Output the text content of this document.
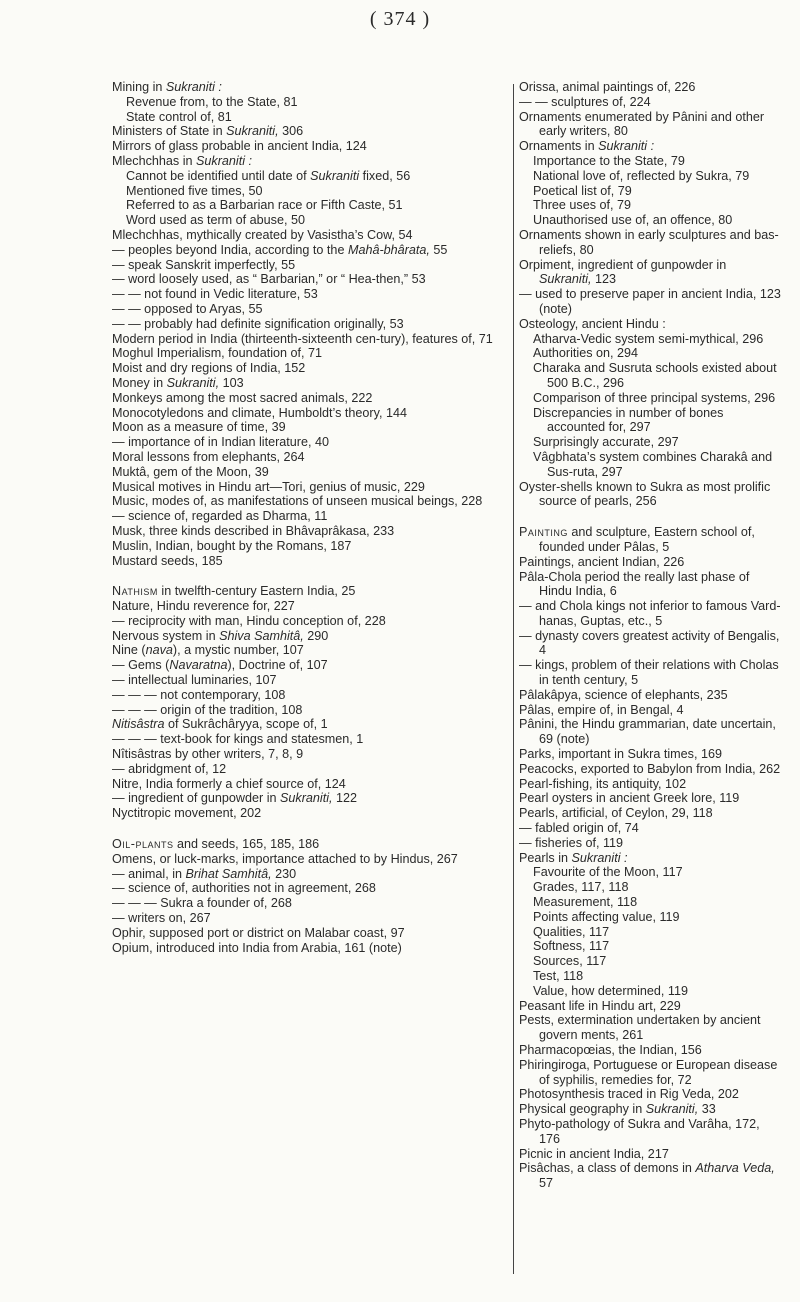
( 374 )

Mining in Sukraniti :

Revenue from, to the State, 81

State control of, 81

Ministers of State in Sukraniti, 306

Mirrors of glass probable in ancient India, 124

Mlechchhas in Sukraniti :

Cannot be identified until date of Sukraniti fixed, 56

Mentioned five times, 50

Referred to as a Barbarian race or Fifth Caste, 51

Word used as term of abuse, 50

Mlechchhas, mythically created by Vasistha’s Cow, 54

— peoples beyond India, according to the Mahâ-bhârata, 55

— speak Sanskrit imperfectly, 55

— word loosely used, as “ Barbarian,” or “ Hea-then,” 53

— — not found in Vedic literature, 53

— — opposed to Aryas, 55

— — probably had definite signification originally, 53

Modern period in India (thirteenth-sixteenth cen-tury), features of, 71

Moghul Imperialism, foundation of, 71

Moist and dry regions of India, 152

Money in Sukraniti, 103

Monkeys among the most sacred animals, 222

Monocotyledons and climate, Humboldt’s theory, 144

Moon as a measure of time, 39

— importance of in Indian literature, 40

Moral lessons from elephants, 264

Muktâ, gem of the Moon, 39

Musical motives in Hindu art—Tori, genius of music, 229

Music, modes of, as manifestations of unseen musical beings, 228

— science of, regarded as Dharma, 11

Musk, three kinds described in Bhâvaprâkasa, 233

Muslin, Indian, bought by the Romans, 187

Mustard seeds, 185

Nathism in twelfth-century Eastern India, 25

Nature, Hindu reverence for, 227

— reciprocity with man, Hindu conception of, 228

Nervous system in Shiva Samhitâ, 290

Nine (nava), a mystic number, 107

— Gems (Navaratna), Doctrine of, 107

— intellectual luminaries, 107

— — — not contemporary, 108

— — — origin of the tradition, 108

Nitisâstra of Sukrâchâryya, scope of, 1

— — — text-book for kings and statesmen, 1

Nîtisâstras by other writers, 7, 8, 9

— abridgment of, 12

Nitre, India formerly a chief source of, 124

— ingredient of gunpowder in Sukraniti, 122

Nyctitropic movement, 202

Oil-plants and seeds, 165, 185, 186

Omens, or luck-marks, importance attached to by Hindus, 267

— animal, in Brihat Samhitâ, 230

— science of, authorities not in agreement, 268

— — — Sukra a founder of, 268

— writers on, 267

Ophir, supposed port or district on Malabar coast, 97

Opium, introduced into India from Arabia, 161 (note)

Orissa, animal paintings of, 226

— — sculptures of, 224

Ornaments enumerated by Pânini and other early writers, 80

Ornaments in Sukraniti :

Importance to the State, 79

National love of, reflected by Sukra, 79

Poetical list of, 79

Three uses of, 79

Unauthorised use of, an offence, 80

Ornaments shown in early sculptures and bas-reliefs, 80

Orpiment, ingredient of gunpowder in Sukraniti, 123

— used to preserve paper in ancient India, 123 (note)

Osteology, ancient Hindu :

Atharva-Vedic system semi-mythical, 296

Authorities on, 294

Charaka and Susruta schools existed about 500 B.C., 296

Comparison of three principal systems, 296

Discrepancies in number of bones accounted for, 297

Surprisingly accurate, 297

Vâgbhata’s system combines Charakâ and Sus-ruta, 297

Oyster-shells known to Sukra as most prolific source of pearls, 256

Painting and sculpture, Eastern school of, founded under Pâlas, 5

Paintings, ancient Indian, 226

Pâla-Chola period the really last phase of Hindu India, 6

— and Chola kings not inferior to famous Vard-hanas, Guptas, etc., 5

— dynasty covers greatest activity of Bengalis, 4

— kings, problem of their relations with Cholas in tenth century, 5

Pâlakâpya, science of elephants, 235

Pâlas, empire of, in Bengal, 4

Pânini, the Hindu grammarian, date uncertain, 69 (note)

Parks, important in Sukra times, 169

Peacocks, exported to Babylon from India, 262

Pearl-fishing, its antiquity, 102

Pearl oysters in ancient Greek lore, 119

Pearls, artificial, of Ceylon, 29, 118

— fabled origin of, 74

— fisheries of, 119

Pearls in Sukraniti :

Favourite of the Moon, 117

Grades, 117, 118

Measurement, 118

Points affecting value, 119

Qualities, 117

Softness, 117

Sources, 117

Test, 118

Value, how determined, 119

Peasant life in Hindu art, 229

Pests, extermination undertaken by ancient govern ments, 261

Pharmacopœias, the Indian, 156

Phiringiroga, Portuguese or European disease of syphilis, remedies for, 72

Photosynthesis traced in Rig Veda, 202

Physical geography in Sukraniti, 33

Phyto-pathology of Sukra and Varâha, 172, 176

Picnic in ancient India, 217

Pisâchas, a class of demons in Atharva Veda, 57
